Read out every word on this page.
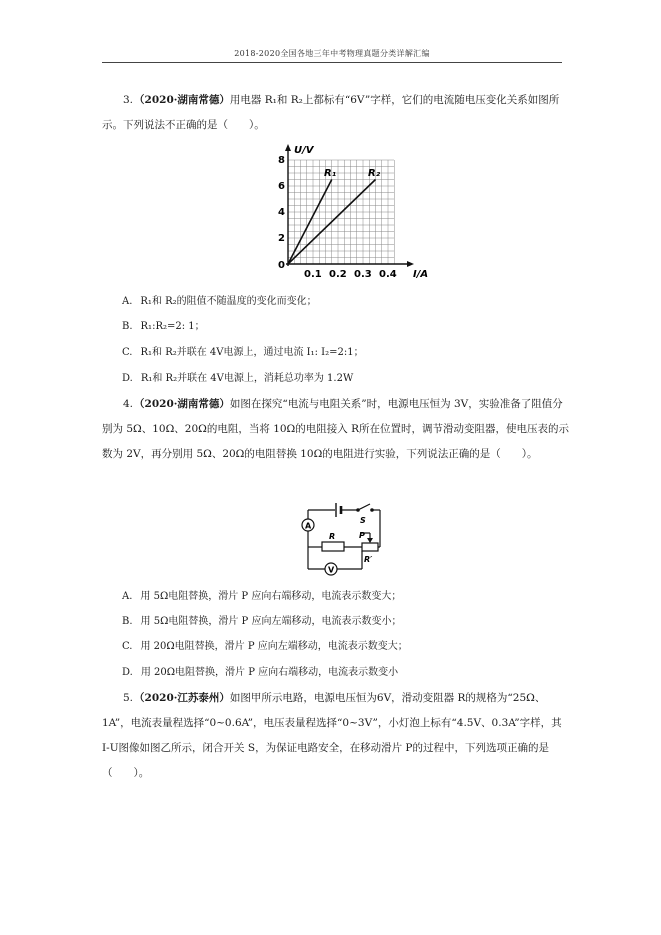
2018-2020全国各地三年中考物理真题分类详解汇编

3.（2020·湖南常德）用电器 R₁和 R₂上都标有“6V”字样，它们的电流随电压变化关系如图所示。下列说法不正确的是（　　）。

U/V
I/A
0
2
4
6
8
0.1 0.2 0.3 0.4
R₁	R₂
A. R₁和 R₂的阻值不随温度的变化而变化；
B. R₁:R₂=2: 1；
C. R₁和 R₂并联在 4V电源上，通过电流 I₁: I₂=2:1；
D. R₁和 R₂并联在 4V电源上，消耗总功率为 1.2W

4.（2020·湖南常德）如图在探究“电流与电阻关系”时，电源电压恒为 3V，实验准备了阻值分别为 5Ω、10Ω、20Ω的电阻，当将 10Ω的电阻接入 R所在位置时，调节滑动变阻器，使电压表的示数为 2V，再分别用 5Ω、20Ω的电阻替换 10Ω的电阻进行实验，下列说法正确的是（　　）。

A
V
S
R	P
R′
A. 用 5Ω电阻替换，滑片 P 应向右端移动，电流表示数变大；
B. 用 5Ω电阻替换，滑片 P 应向左端移动，电流表示数变小；
C. 用 20Ω电阻替换，滑片 P 应向左端移动，电流表示数变大；
D. 用 20Ω电阻替换，滑片 P 应向右端移动，电流表示数变小

5.（2020·江苏泰州）如图甲所示电路，电源电压恒为6V，滑动变阻器 R的规格为“25Ω、1A”，电流表量程选择“0~0.6A”，电压表量程选择“0~3V”，小灯泡上标有“4.5V、0.3A”字样，其 I-U图像如图乙所示，闭合开关 S，为保证电路安全，在移动滑片 P的过程中，下列选项正确的是（　　）。
